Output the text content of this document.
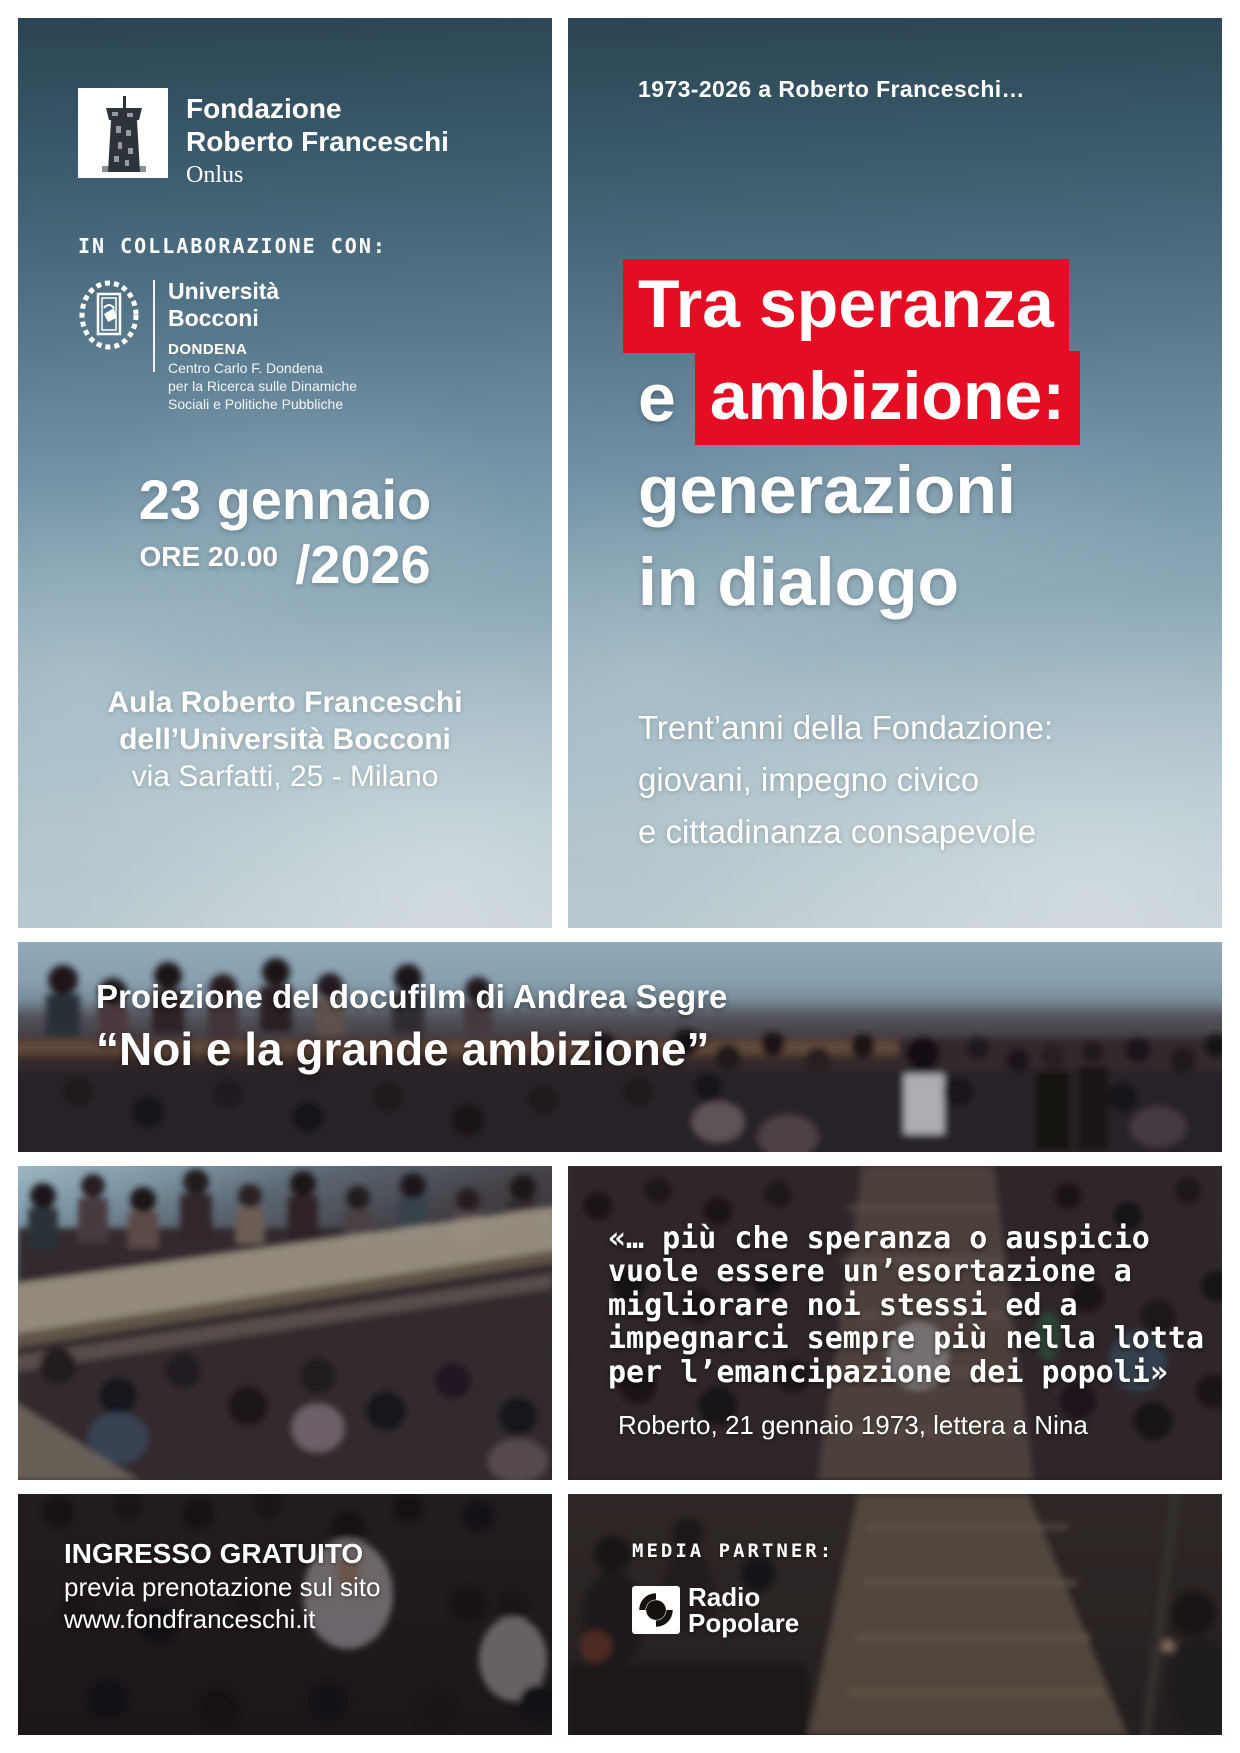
Fondazione
Roberto Franceschi
Onlus
IN COLLABORAZIONE CON:
Università
Bocconi
DONDENA
Centro Carlo F. Dondena
per la Ricerca sulle Dinamiche
Sociali e Politiche Pubbliche
23 gennaio
ORE 20.00 /2026
Aula Roberto Franceschi
dell’Università Bocconi
via Sarfatti, 25 - Milano
1973-2026 a Roberto Franceschi…
Tra speranza
e ambizione:
generazioni
in dialogo
Trent’anni della Fondazione:
giovani, impegno civico
e cittadinanza consapevole
Proiezione del docufilm di Andrea Segre
“Noi e la grande ambizione”
«… più che speranza o auspicio
vuole essere un’esortazione a
migliorare noi stessi ed a
impegnarci sempre più nella lotta
per l’emancipazione dei popoli»
Roberto, 21 gennaio 1973, lettera a Nina
INGRESSO GRATUITO
previa prenotazione sul sito
www.fondfranceschi.it
MEDIA PARTNER:
Radio
Popolare
